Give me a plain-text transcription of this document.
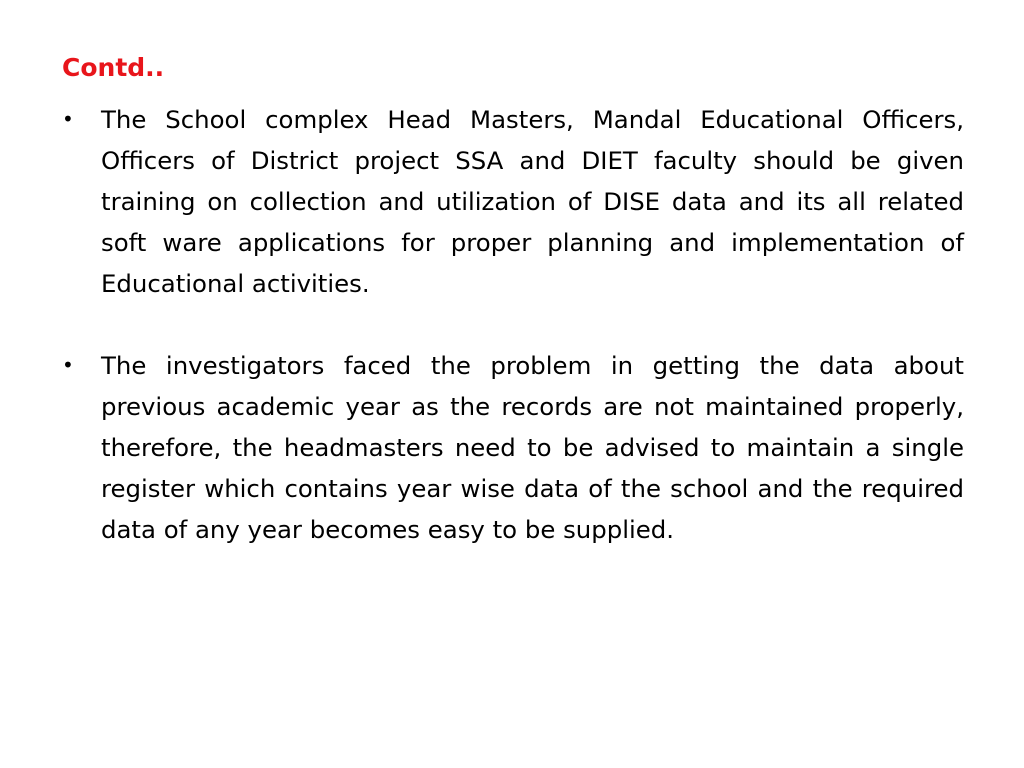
Contd..
•	The School complex Head Masters, Mandal Educational Officers, Officers of District project SSA and DIET faculty should be given training on collection and utilization of DISE data and its all related soft ware applications for proper planning and implementation of Educational activities.
•	The investigators faced the problem in getting the data about previous academic year as the records are not maintained properly, therefore, the headmasters need to be advised to maintain a single register which contains year wise data of the school and the required data of any year becomes easy to be supplied.
